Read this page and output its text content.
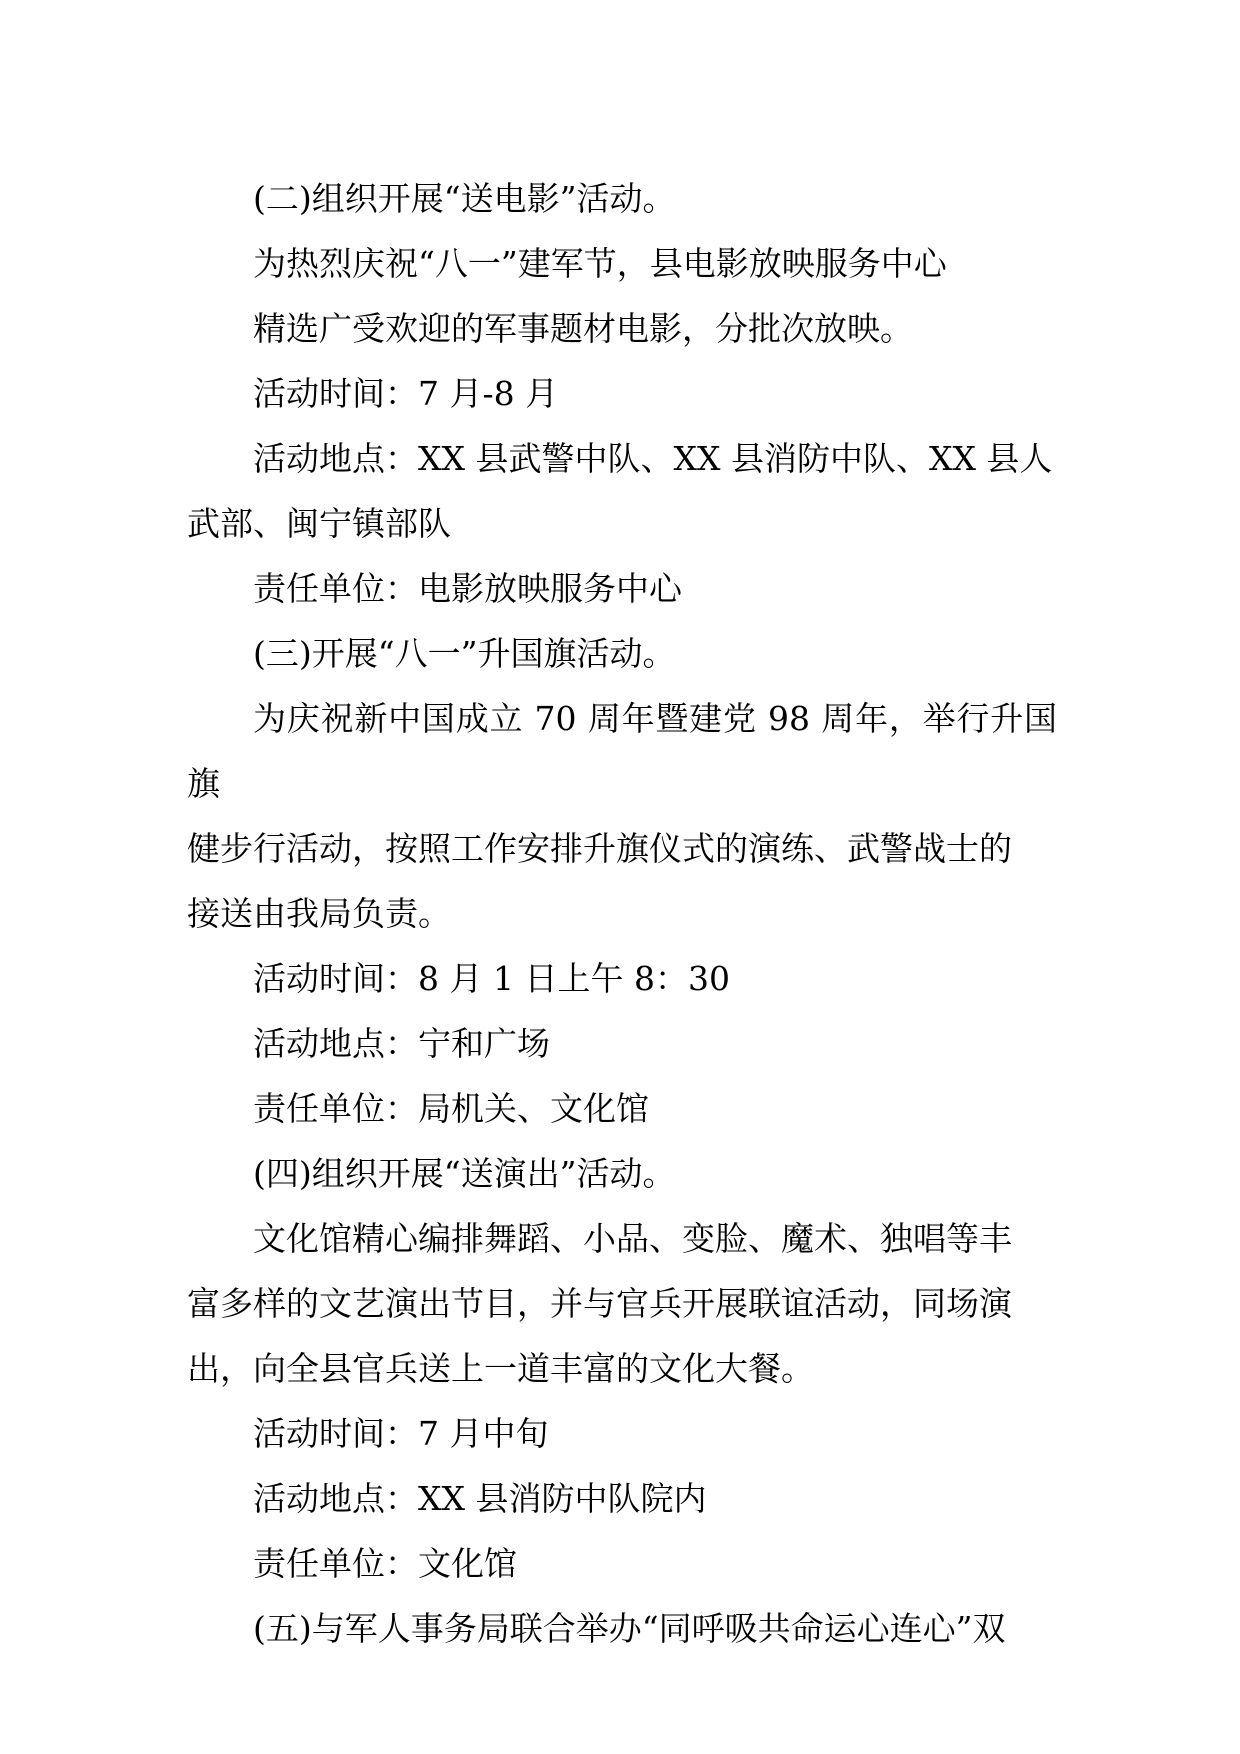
(二)组织开展“送电影”活动。

为热烈庆祝“八一”建军节，县电影放映服务中心

精选广受欢迎的军事题材电影，分批次放映。

活动时间：7 月-8 月

活动地点：XX 县武警中队、XX 县消防中队、XX 县人

武部、闽宁镇部队

责任单位：电影放映服务中心

(三)开展“八一”升国旗活动。

为庆祝新中国成立 70 周年暨建党 98 周年，举行升国旗

健步行活动，按照工作安排升旗仪式的演练、武警战士的

接送由我局负责。

活动时间：8 月 1 日上午 8：30

活动地点：宁和广场

责任单位：局机关、文化馆

(四)组织开展“送演出”活动。

文化馆精心编排舞蹈、小品、变脸、魔术、独唱等丰

富多样的文艺演出节目，并与官兵开展联谊活动，同场演

出，向全县官兵送上一道丰富的文化大餐。

活动时间：7 月中旬

活动地点：XX 县消防中队院内

责任单位：文化馆

(五)与军人事务局联合举办“同呼吸共命运心连心”双
